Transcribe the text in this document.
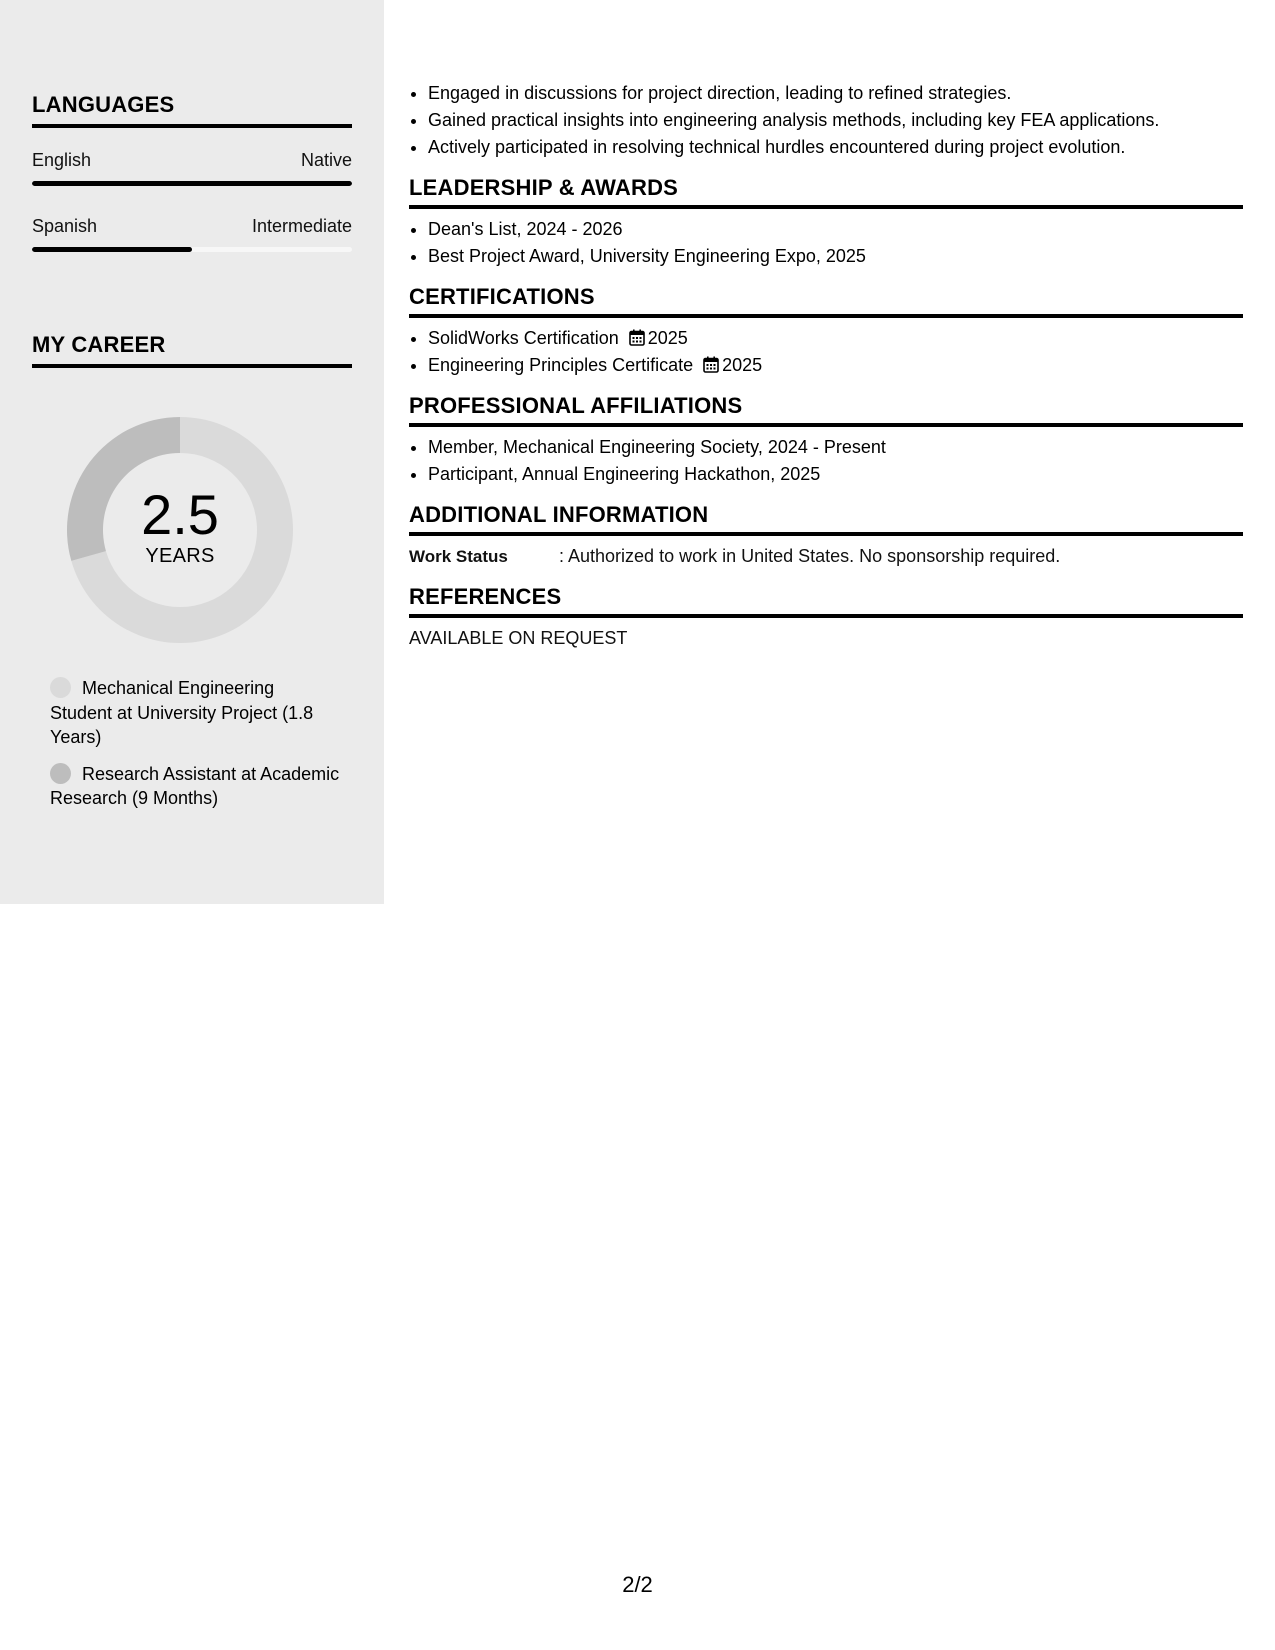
LANGUAGES
English	Native
Spanish	Intermediate
MY CAREER
2.5
YEARS
Mechanical Engineering Student at University Project (1.8 Years)
Research Assistant at Academic Research (9 Months)
• Engaged in discussions for project direction, leading to refined strategies.
• Gained practical insights into engineering analysis methods, including key FEA applications.
• Actively participated in resolving technical hurdles encountered during project evolution.
LEADERSHIP & AWARDS
• Dean's List, 2024 - 2026
• Best Project Award, University Engineering Expo, 2025
CERTIFICATIONS
• SolidWorks Certification 2025
• Engineering Principles Certificate 2025
PROFESSIONAL AFFILIATIONS
• Member, Mechanical Engineering Society, 2024 - Present
• Participant, Annual Engineering Hackathon, 2025
ADDITIONAL INFORMATION
Work Status	: Authorized to work in United States. No sponsorship required.
REFERENCES
AVAILABLE ON REQUEST
2/2
